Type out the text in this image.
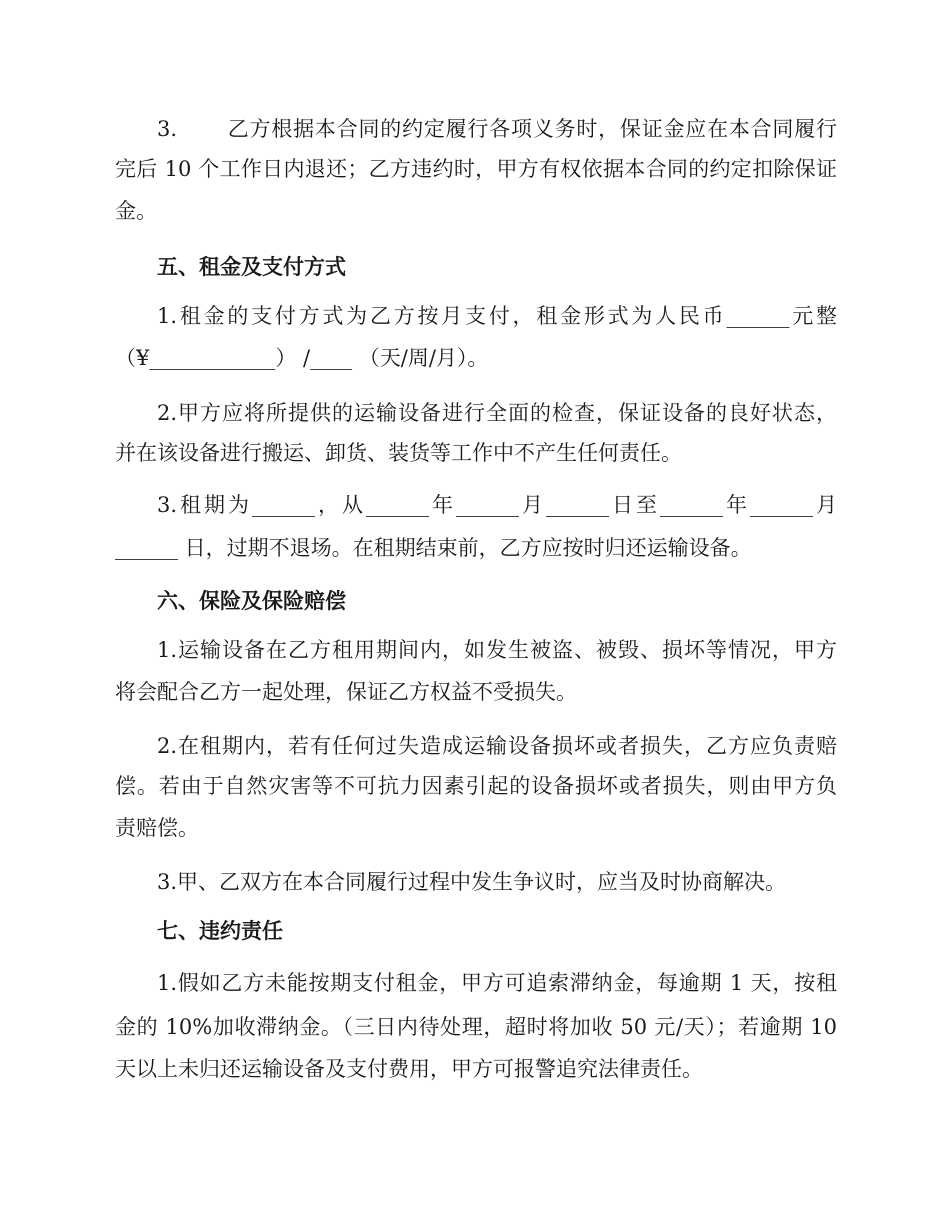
3. 乙方根据本合同的约定履行各项义务时，保证金应在本合同履行
完后 10 个工作日内退还；乙方违约时，甲方有权依据本合同的约定扣除保证
金。
五、租金及支付方式
1.租金的支付方式为乙方按月支付，租金形式为人民币______元整
（¥____________） /____ （天/周/月）。
2.甲方应将所提供的运输设备进行全面的检查，保证设备的良好状态，
并在该设备进行搬运、卸货、装货等工作中不产生任何责任。
3.租期为______，从______年______月______日至______年______月
______ 日，过期不退场。在租期结束前，乙方应按时归还运输设备。
六、保险及保险赔偿
1.运输设备在乙方租用期间内，如发生被盗、被毁、损坏等情况，甲方
将会配合乙方一起处理，保证乙方权益不受损失。
2.在租期内，若有任何过失造成运输设备损坏或者损失，乙方应负责赔
偿。若由于自然灾害等不可抗力因素引起的设备损坏或者损失，则由甲方负
责赔偿。
3.甲、乙双方在本合同履行过程中发生争议时，应当及时协商解决。
七、违约责任
1.假如乙方未能按期支付租金，甲方可追索滞纳金，每逾期 1 天，按租
金的 10%加收滞纳金。（三日内待处理，超时将加收 50 元/天）；若逾期 10
天以上未归还运输设备及支付费用，甲方可报警追究法律责任。
